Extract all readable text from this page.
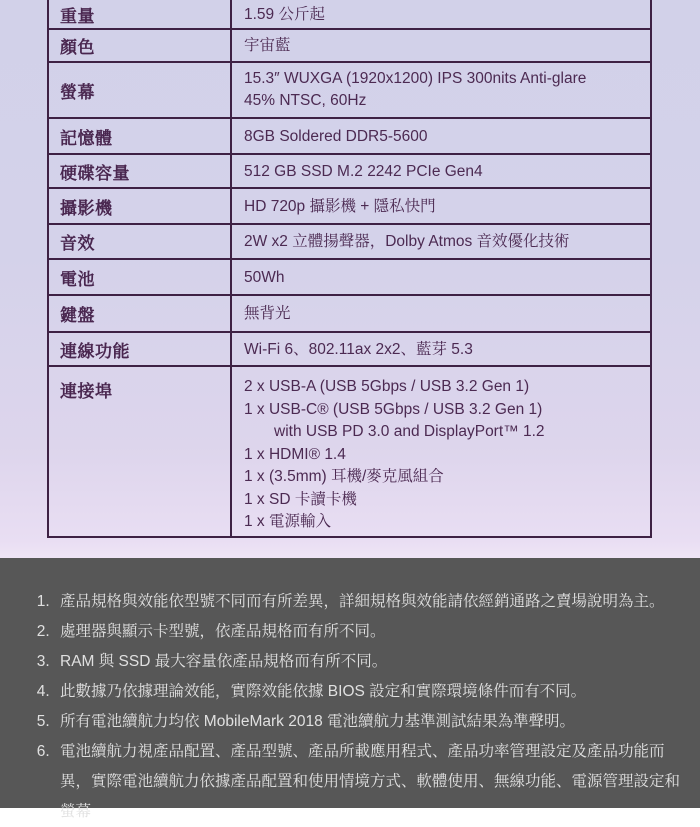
重量	1.59 公斤起
顏色	宇宙藍
螢幕
15.3″ WUXGA (1920x1200) IPS 300nits Anti-glare
45% NTSC, 60Hz
記憶體	8GB Soldered DDR5-5600
硬碟容量	512 GB SSD M.2 2242 PCIe Gen4
攝影機	HD 720p 攝影機 + 隱私快門
音效	2W x2 立體揚聲器，Dolby Atmos 音效優化技術
電池	50Wh
鍵盤	無背光
連線功能	Wi-Fi 6、802.11ax 2x2、藍芽 5.3
連接埠	2 x USB-A (USB 5Gbps / USB 3.2 Gen 1)
1 x USB-C® (USB 5Gbps / USB 3.2 Gen 1)
with USB PD 3.0 and DisplayPort™ 1.2
1 x HDMI® 1.4
1 x (3.5mm) 耳機/麥克風組合
1 x SD 卡讀卡機
1 x 電源輸入
1. 產品規格與效能依型號不同而有所差異，詳細規格與效能請依經銷通路之賣場說明為主。
2. 處理器與顯示卡型號，依產品規格而有所不同。
3. RAM 與 SSD 最大容量依產品規格而有所不同。
4. 此數據乃依據理論效能，實際效能依據 BIOS 設定和實際環境條件而有不同。
5. 所有電池續航力均依 MobileMark 2018 電池續航力基準測試結果為準聲明。
6. 電池續航力視產品配置、產品型號、產品所載應用程式、產品功率管理設定及產品功能而異，實際電池續航力依據產品配置和使用情境方式、軟體使用、無線功能、電源管理設定和螢幕
